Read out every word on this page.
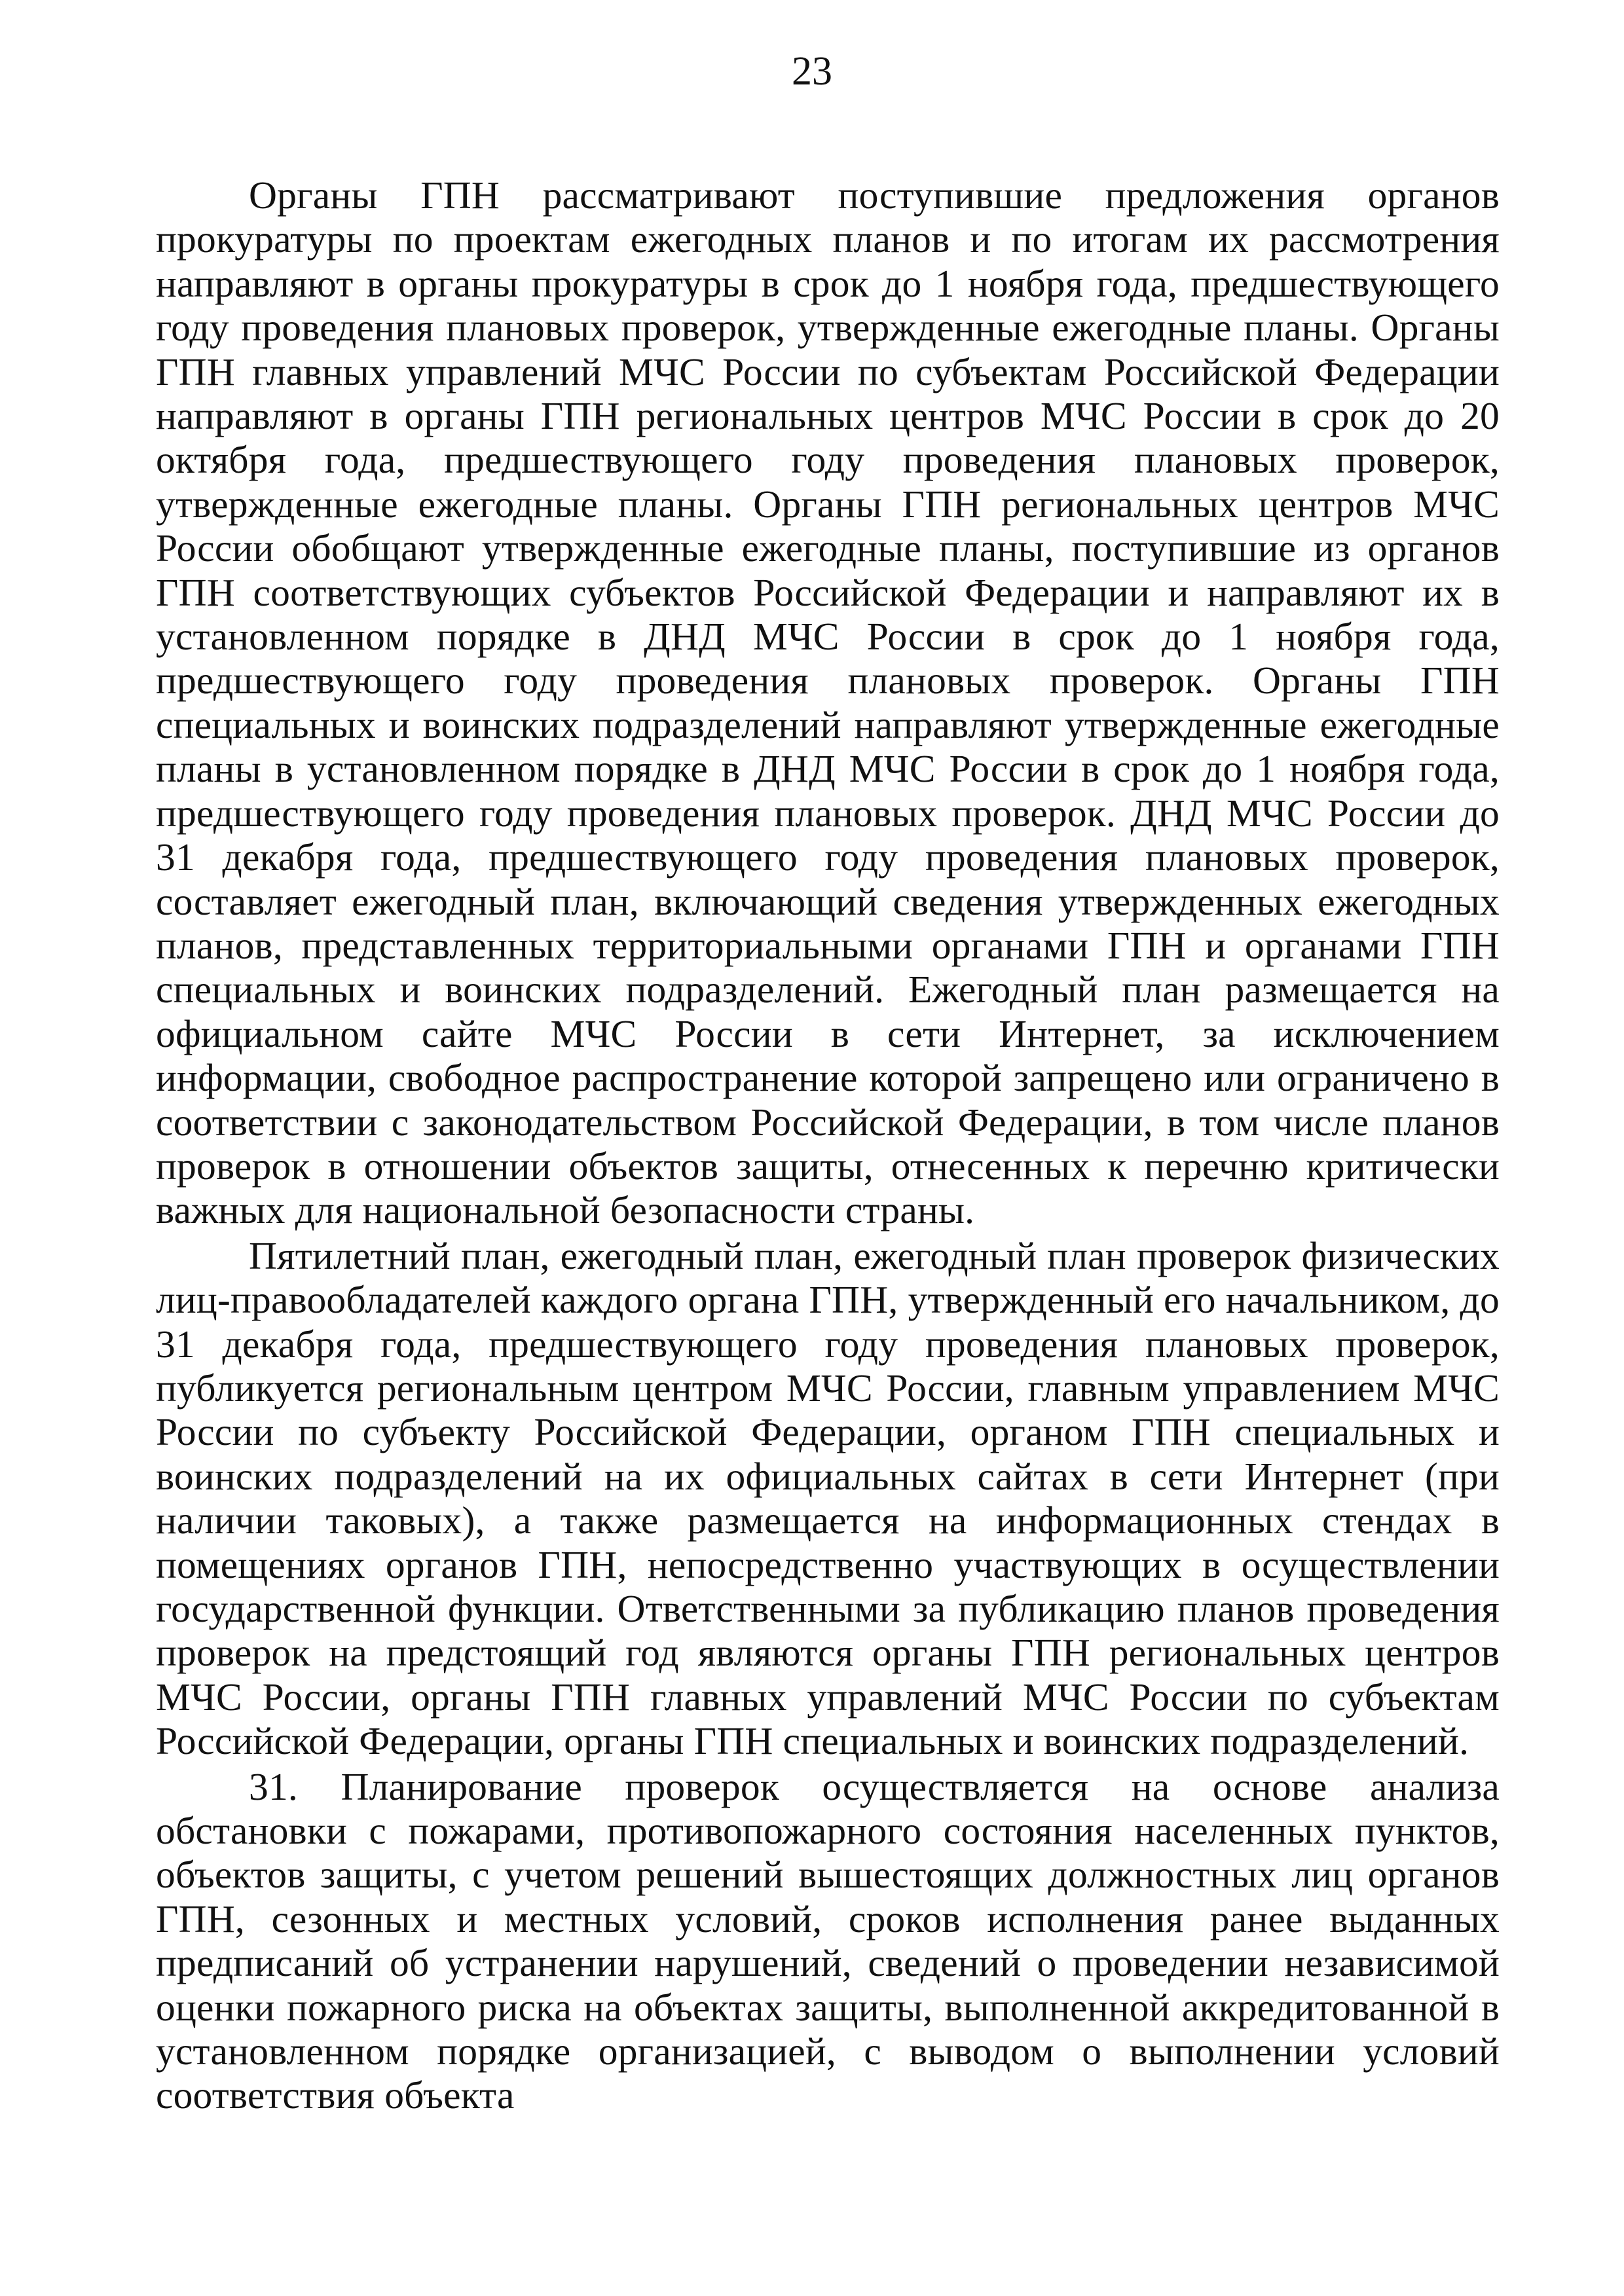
23

Органы ГПН рассматривают поступившие предложения органов прокуратуры по проектам ежегодных планов и по итогам их рассмотрения направляют в органы прокуратуры в срок до 1 ноября года, предшествующего году проведения плановых проверок, утвержденные ежегодные планы. Органы ГПН главных управлений МЧС России по субъектам Российской Федерации направляют в органы ГПН региональных центров МЧС России в срок до 20 октября года, предшествующего году проведения плановых проверок, утвержденные ежегодные планы. Органы ГПН региональных центров МЧС России обобщают утвержденные ежегодные планы, поступившие из органов ГПН соответствующих субъектов Российской Федерации и направляют их в установленном порядке в ДНД МЧС России в срок до 1 ноября года, предшествующего году проведения плановых проверок. Органы ГПН специальных и воинских подразделений направляют утвержденные ежегодные планы в установленном порядке в ДНД МЧС России в срок до 1 ноября года, предшествующего году проведения плановых проверок. ДНД МЧС России до 31 декабря года, предшествующего году проведения плановых проверок, составляет ежегодный план, включающий сведения утвержденных ежегодных планов, представленных территориальными органами ГПН и органами ГПН специальных и воинских подразделений. Ежегодный план размещается на официальном сайте МЧС России в сети Интернет, за исключением информации, свободное распространение которой запрещено или ограничено в соответствии с законодательством Российской Федерации, в том числе планов проверок в отношении объектов защиты, отнесенных к перечню критически важных для национальной безопасности страны.

Пятилетний план, ежегодный план, ежегодный план проверок физических лиц-правообладателей каждого органа ГПН, утвержденный его начальником, до 31 декабря года, предшествующего году проведения плановых проверок, публикуется региональным центром МЧС России, главным управлением МЧС России по субъекту Российской Федерации, органом ГПН специальных и воинских подразделений на их официальных сайтах в сети Интернет (при наличии таковых), а также размещается на информационных стендах в помещениях органов ГПН, непосредственно участвующих в осуществлении государственной функции. Ответственными за публикацию планов проведения проверок на предстоящий год являются органы ГПН региональных центров МЧС России, органы ГПН главных управлений МЧС России по субъектам Российской Федерации, органы ГПН специальных и воинских подразделений.

31. Планирование проверок осуществляется на основе анализа обстановки с пожарами, противопожарного состояния населенных пунктов, объектов защиты, с учетом решений вышестоящих должностных лиц органов ГПН, сезонных и местных условий, сроков исполнения ранее выданных предписаний об устранении нарушений, сведений о проведении независимой оценки пожарного риска на объектах защиты, выполненной аккредитованной в установленном порядке организацией, с выводом о выполнении условий соответствия объекта
